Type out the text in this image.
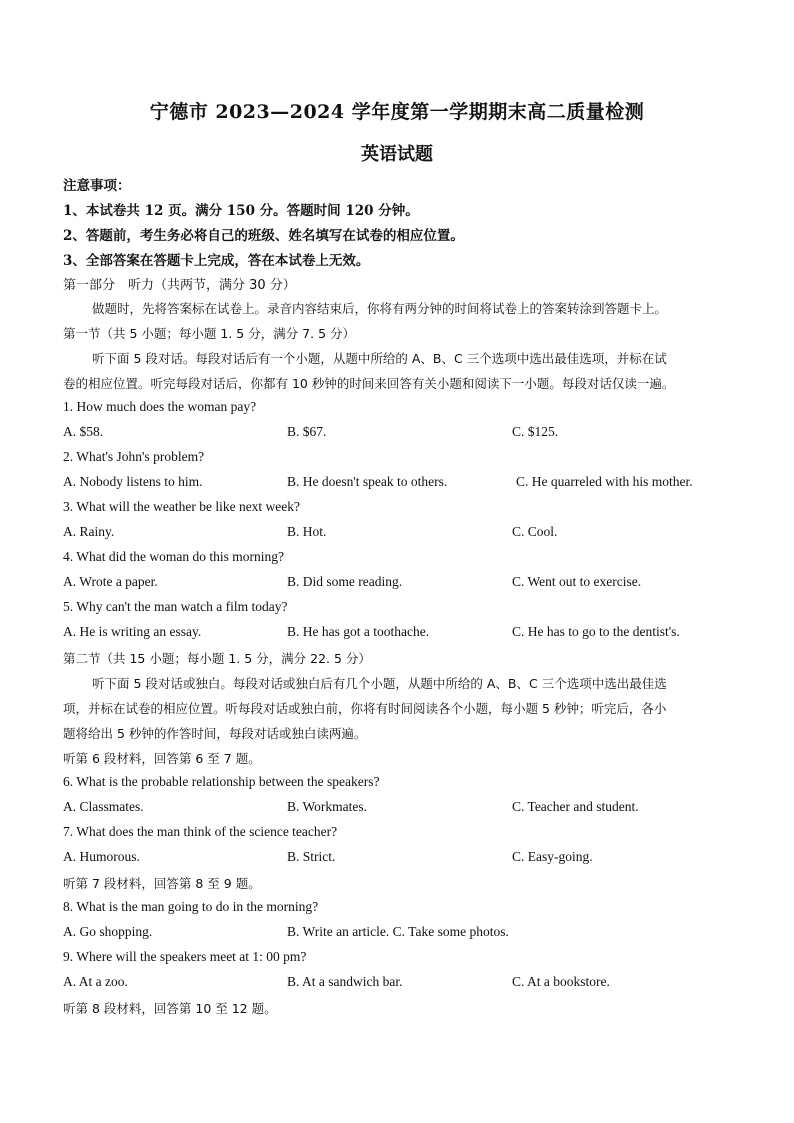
宁德市 2023—2024 学年度第一学期期末高二质量检测
英语试题
注意事项：
1、本试卷共 12 页。满分 150 分。答题时间 120 分钟。
2、答题前，考生务必将自己的班级、姓名填写在试卷的相应位置。
3、全部答案在答题卡上完成，答在本试卷上无效。
第一部分　听力（共两节，满分 30 分）
做题时，先将答案标在试卷上。录音内容结束后，你将有两分钟的时间将试卷上的答案转涂到答题卡上。
第一节（共 5 小题；每小题 1. 5 分，满分 7. 5 分）
听下面 5 段对话。每段对话后有一个小题，从题中所给的 A、B、C 三个选项中选出最佳选项，并标在试
卷的相应位置。听完每段对话后，你都有 10 秒钟的时间来回答有关小题和阅读下一小题。每段对话仅读一遍。
1. How much does the woman pay?
A. $58.	B. $67.	C. $125.
2. What's John's problem?
A. Nobody listens to him.	B. He doesn't speak to others.	C. He quarreled with his mother.
3. What will the weather be like next week?
A. Rainy.	B. Hot.	C. Cool.
4. What did the woman do this morning?
A. Wrote a paper.	B. Did some reading.	C. Went out to exercise.
5. Why can't the man watch a film today?
A. He is writing an essay.	B. He has got a toothache.	C. He has to go to the dentist's.
第二节（共 15 小题；每小题 1. 5 分，满分 22. 5 分）
听下面 5 段对话或独白。每段对话或独白后有几个小题，从题中所给的 A、B、C 三个选项中选出最佳选
项，并标在试卷的相应位置。听每段对话或独白前，你将有时间阅读各个小题，每小题 5 秒钟；听完后，各小
题将给出 5 秒钟的作答时间，每段对话或独白读两遍。
听第 6 段材料，回答第 6 至 7 题。
6. What is the probable relationship between the speakers?
A. Classmates.	B. Workmates.	C. Teacher and student.
7. What does the man think of the science teacher?
A. Humorous.	B. Strict.	C. Easy-going.
听第 7 段材料，回答第 8 至 9 题。
8. What is the man going to do in the morning?
A. Go shopping.	B. Write an article. C. Take some photos.
9. Where will the speakers meet at 1: 00 pm?
A. At a zoo.	B. At a sandwich bar.	C. At a bookstore.
听第 8 段材料，回答第 10 至 12 题。
